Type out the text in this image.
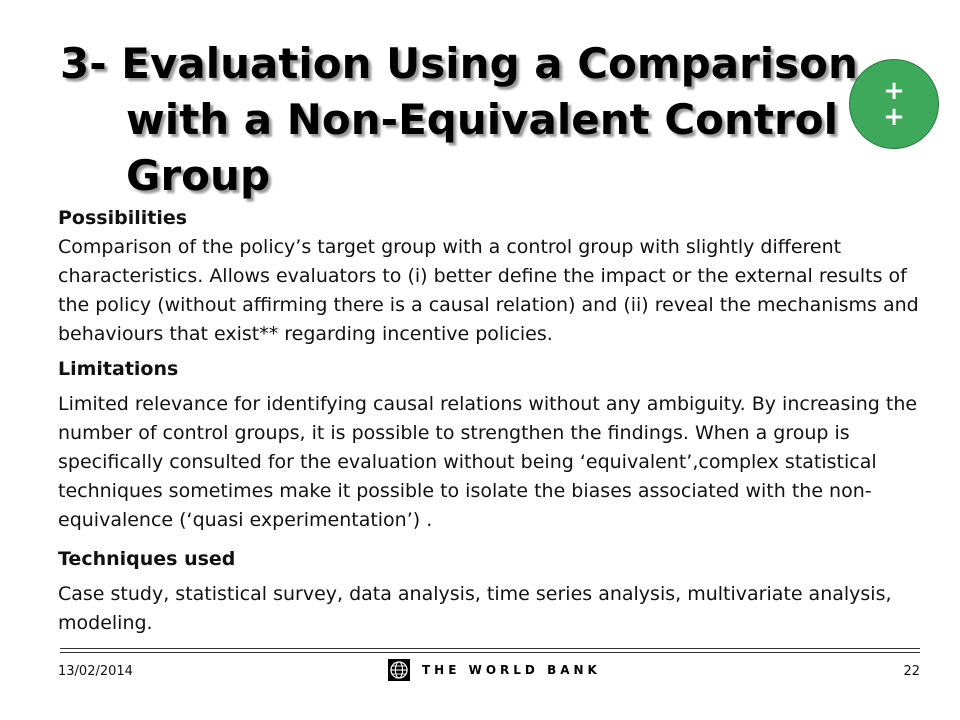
3- Evaluation Using a Comparison
with a Non-Equivalent Control
Group
+
+

Possibilities

Comparison of the policy’s target group with a control group with slightly different characteristics. Allows evaluators to (i) better define the impact or the external results of the policy (without affirming there is a causal relation) and (ii) reveal the mechanisms and behaviours that exist** regarding incentive policies.

Limitations

Limited relevance for identifying causal relations without any ambiguity. By increasing the number of control groups, it is possible to strengthen the findings. When a group is specifically consulted for the evaluation without being ‘equivalent’,complex statistical techniques sometimes make it possible to isolate the biases associated with the non-equivalence (‘quasi experimentation’) .

Techniques used

Case study, statistical survey, data analysis, time series analysis, multivariate analysis, modeling.

13/02/2014	THE WORLD BANK	22
